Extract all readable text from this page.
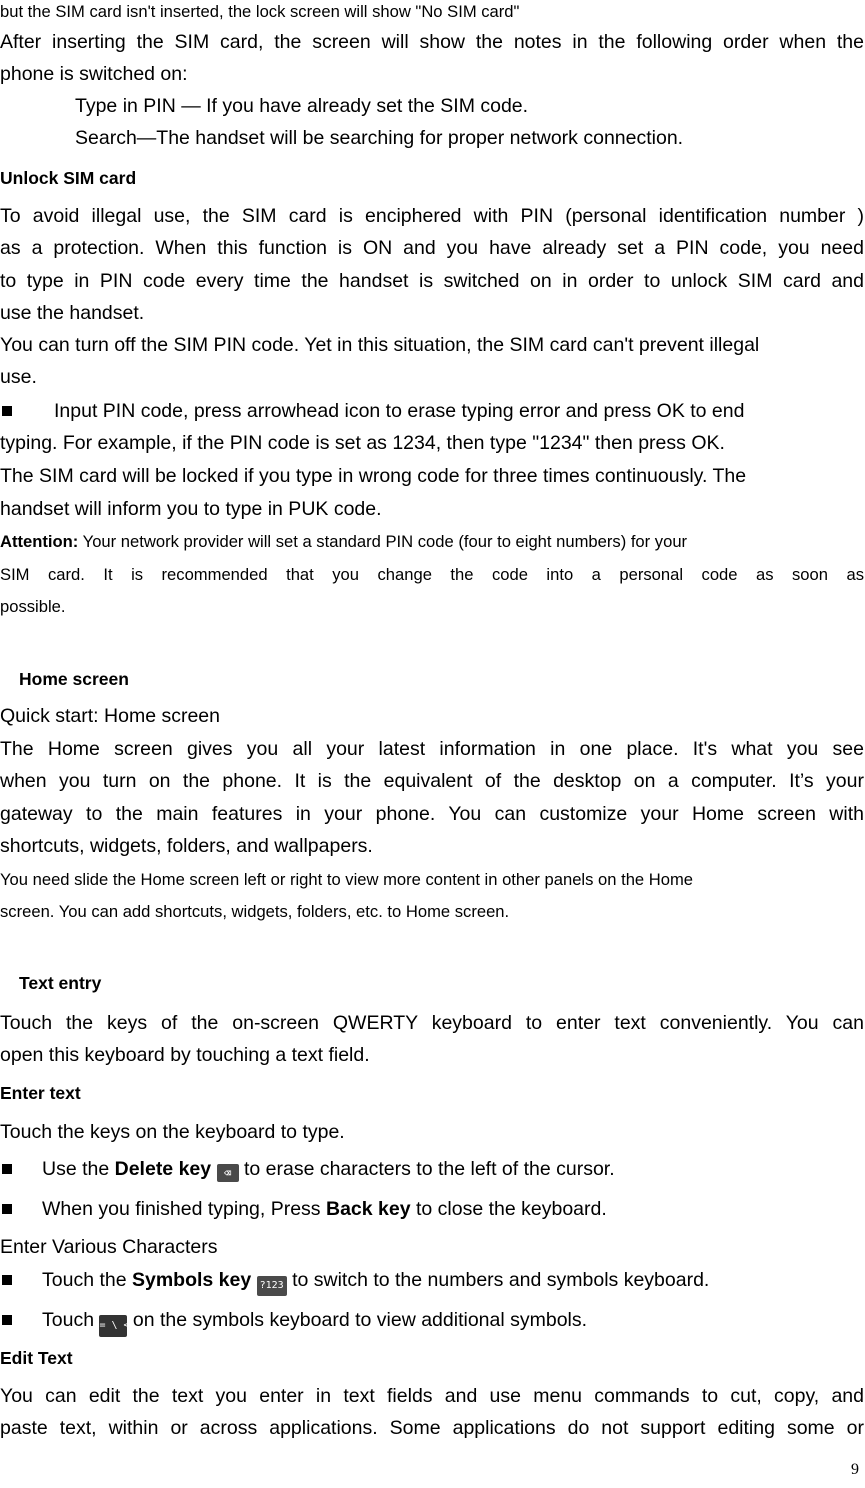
but the SIM card isn't inserted, the lock screen will show "No SIM card"
After inserting the SIM card, the screen will show the notes in the following order when the
phone is switched on:
Type in PIN — If you have already set the SIM code.
Search—The handset will be searching for proper network connection.
Unlock SIM card
To avoid illegal use, the SIM card is enciphered with PIN (personal identification number )
as a protection. When this function is ON and you have already set a PIN code, you need
to type in PIN code every time the handset is switched on in order to unlock SIM card and
use the handset.
You can turn off the SIM PIN code. Yet in this situation, the SIM card can't prevent illegal
use.
Input PIN code, press arrowhead icon to erase typing error and press OK to end
typing. For example, if the PIN code is set as 1234, then type "1234" then press OK.
The SIM card will be locked if you type in wrong code for three times continuously. The
handset will inform you to type in PUK code.
Attention: Your network provider will set a standard PIN code (four to eight numbers) for your
SIM card. It is recommended that you change the code into a personal code as soon as
possible.
Home screen
Quick start: Home screen
The Home screen gives you all your latest information in one place. It's what you see
when you turn on the phone. It is the equivalent of the desktop on a computer. It’s your
gateway to the main features in your phone. You can customize your Home screen with
shortcuts, widgets, folders, and wallpapers.
You need slide the Home screen left or right to view more content in other panels on the Home
screen. You can add shortcuts, widgets, folders, etc. to Home screen.
Text entry
Touch the keys of the on-screen QWERTY keyboard to enter text conveniently. You can
open this keyboard by touching a text field.
Enter text
Touch the keys on the keyboard to type.
Use the Delete key ⌫ to erase characters to the left of the cursor.
When you finished typing, Press Back key to close the keyboard.
Enter Various Characters
Touch the Symbols key ?123 to switch to the numbers and symbols keyboard.
Touch = \ < on the symbols keyboard to view additional symbols.
Edit Text
You can edit the text you enter in text fields and use menu commands to cut, copy, and
paste text, within or across applications. Some applications do not support editing some or
9
